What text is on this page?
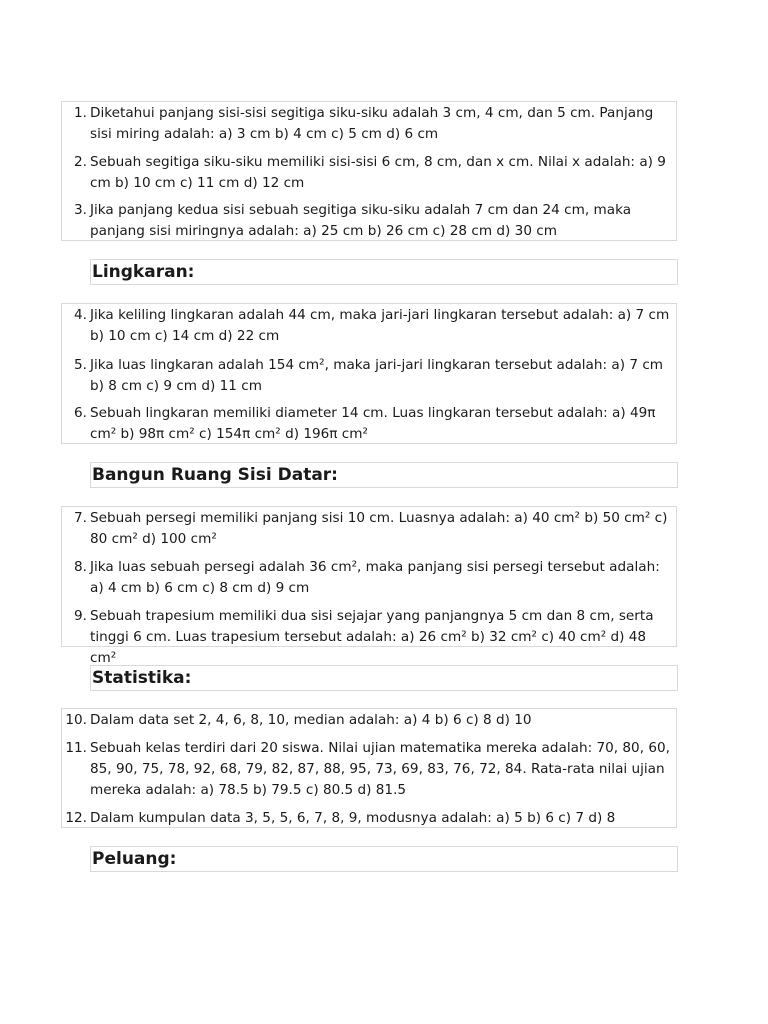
1. Diketahui panjang sisi-sisi segitiga siku-siku adalah 3 cm, 4 cm, dan 5 cm. Panjang sisi miring adalah: a) 3 cm b) 4 cm c) 5 cm d) 6 cm
2. Sebuah segitiga siku-siku memiliki sisi-sisi 6 cm, 8 cm, dan x cm. Nilai x adalah: a) 9 cm b) 10 cm c) 11 cm d) 12 cm
3. Jika panjang kedua sisi sebuah segitiga siku-siku adalah 7 cm dan 24 cm, maka panjang sisi miringnya adalah: a) 25 cm b) 26 cm c) 28 cm d) 30 cm
Lingkaran:
4. Jika keliling lingkaran adalah 44 cm, maka jari-jari lingkaran tersebut adalah: a) 7 cm b) 10 cm c) 14 cm d) 22 cm
5. Jika luas lingkaran adalah 154 cm², maka jari-jari lingkaran tersebut adalah: a) 7 cm b) 8 cm c) 9 cm d) 11 cm
6. Sebuah lingkaran memiliki diameter 14 cm. Luas lingkaran tersebut adalah: a) 49π cm² b) 98π cm² c) 154π cm² d) 196π cm²
Bangun Ruang Sisi Datar:
7. Sebuah persegi memiliki panjang sisi 10 cm. Luasnya adalah: a) 40 cm² b) 50 cm² c) 80 cm² d) 100 cm²
8. Jika luas sebuah persegi adalah 36 cm², maka panjang sisi persegi tersebut adalah: a) 4 cm b) 6 cm c) 8 cm d) 9 cm
9. Sebuah trapesium memiliki dua sisi sejajar yang panjangnya 5 cm dan 8 cm, serta tinggi 6 cm. Luas trapesium tersebut adalah: a) 26 cm² b) 32 cm² c) 40 cm² d) 48 cm²
Statistika:
10. Dalam data set 2, 4, 6, 8, 10, median adalah: a) 4 b) 6 c) 8 d) 10
11. Sebuah kelas terdiri dari 20 siswa. Nilai ujian matematika mereka adalah: 70, 80, 60, 85, 90, 75, 78, 92, 68, 79, 82, 87, 88, 95, 73, 69, 83, 76, 72, 84. Rata-rata nilai ujian mereka adalah: a) 78.5 b) 79.5 c) 80.5 d) 81.5
12. Dalam kumpulan data 3, 5, 5, 6, 7, 8, 9, modusnya adalah: a) 5 b) 6 c) 7 d) 8
Peluang:
